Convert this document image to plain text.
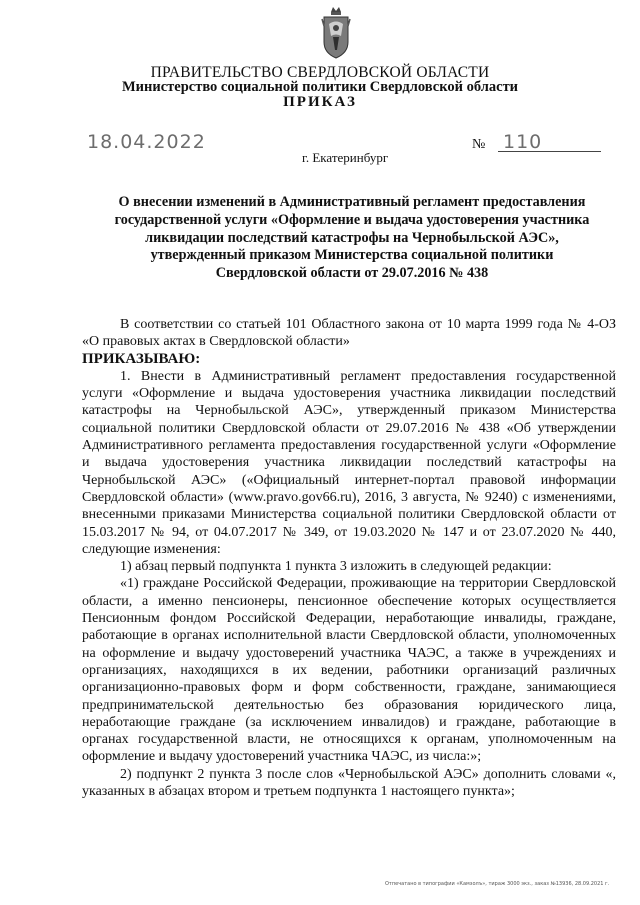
ПРАВИТЕЛЬСТВО СВЕРДЛОВСКОЙ ОБЛАСТИ
Министерство социальной политики Свердловской области
ПРИКАЗ
18.04.2022	№ 110
г. Екатеринбург
О внесении изменений в Административный регламент предоставления государственной услуги «Оформление и выдача удостоверения участника ликвидации последствий катастрофы на Чернобыльской АЭС», утвержденный приказом Министерства социальной политики Свердловской области от 29.07.2016 № 438

В соответствии со статьей 101 Областного закона от 10 марта 1999 года № 4-ОЗ «О правовых актах в Свердловской области»

ПРИКАЗЫВАЮ:

1. Внести в Административный регламент предоставления государственной услуги «Оформление и выдача удостоверения участника ликвидации последствий катастрофы на Чернобыльской АЭС», утвержденный приказом Министерства социальной политики Свердловской области от 29.07.2016 № 438 «Об утверждении Административного регламента предоставления государственной услуги «Оформление и выдача удостоверения участника ликвидации последствий катастрофы на Чернобыльской АЭС» («Официальный интернет-портал правовой информации Свердловской области» (www.pravo.gov66.ru), 2016, 3 августа, № 9240) с изменениями, внесенными приказами Министерства социальной политики Свердловской области от 15.03.2017 № 94, от 04.07.2017 № 349, от 19.03.2020 № 147 и от 23.07.2020 № 440, следующие изменения:

1) абзац первый подпункта 1 пункта 3 изложить в следующей редакции:

«1) граждане Российской Федерации, проживающие на территории Свердловской области, а именно пенсионеры, пенсионное обеспечение которых осуществляется Пенсионным фондом Российской Федерации, неработающие инвалиды, граждане, работающие в органах исполнительной власти Свердловской области, уполномоченных на оформление и выдачу удостоверений участника ЧАЭС, а также в учреждениях и организациях, находящихся в их ведении, работники организаций различных организационно-правовых форм и форм собственности, граждане, занимающиеся предпринимательской деятельностью без образования юридического лица, неработающие граждане (за исключением инвалидов) и граждане, работающие в органах государственной власти, не относящихся к органам, уполномоченным на оформление и выдачу удостоверений участника ЧАЭС, из числа:»;

2) подпункт 2 пункта 3 после слов «Чернобыльской АЭС» дополнить словами «, указанных в абзацах втором и третьем подпункта 1 настоящего пункта»;

Отпечатано в типографии «Камзолъ», тираж 3000 экз., заказ №13936, 28.09.2021 г.
